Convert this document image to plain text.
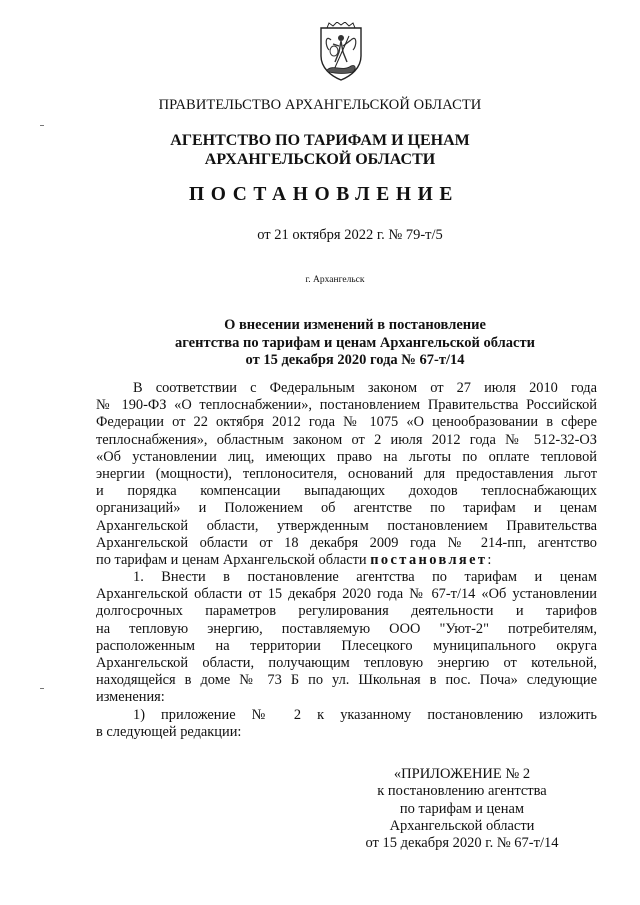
ПРАВИТЕЛЬСТВО АРХАНГЕЛЬСКОЙ ОБЛАСТИ
АГЕНТСТВО ПО ТАРИФАМ И ЦЕНАМ
АРХАНГЕЛЬСКОЙ ОБЛАСТИ
ПОСТАНОВЛЕНИЕ
от 21 октября 2022 г. № 79-т/5
г. Архангельск
О внесении изменений в постановление
агентства по тарифам и ценам Архангельской области
от 15 декабря 2020 года № 67-т/14
В соответствии с Федеральным законом от 27 июля 2010 года
№ 190-ФЗ «О теплоснабжении», постановлением Правительства Российской
Федерации от 22 октября 2012 года № 1075 «О ценообразовании в сфере
теплоснабжения», областным законом от 2 июля 2012 года № 512-32-ОЗ
«Об установлении лиц, имеющих право на льготы по оплате тепловой
энергии (мощности), теплоносителя, оснований для предоставления льгот
и порядка компенсации выпадающих доходов теплоснабжающих
организаций» и Положением об агентстве по тарифам и ценам
Архангельской области, утвержденным постановлением Правительства
Архангельской области от 18 декабря 2009 года № 214-пп, агентство
по тарифам и ценам Архангельской области постановляет:
1. Внести в постановление агентства по тарифам и ценам
Архангельской области от 15 декабря 2020 года № 67-т/14 «Об установлении
долгосрочных параметров регулирования деятельности и тарифов
на тепловую энергию, поставляемую ООО "Уют-2" потребителям,
расположенным на территории Плесецкого муниципального округа
Архангельской области, получающим тепловую энергию от котельной,
находящейся в доме № 73 Б по ул. Школьная в пос. Поча» следующие
изменения:
1) приложение № 2 к указанному постановлению изложить
в следующей редакции:
«ПРИЛОЖЕНИЕ № 2
к постановлению агентства
по тарифам и ценам
Архангельской области
от 15 декабря 2020 г. № 67-т/14
